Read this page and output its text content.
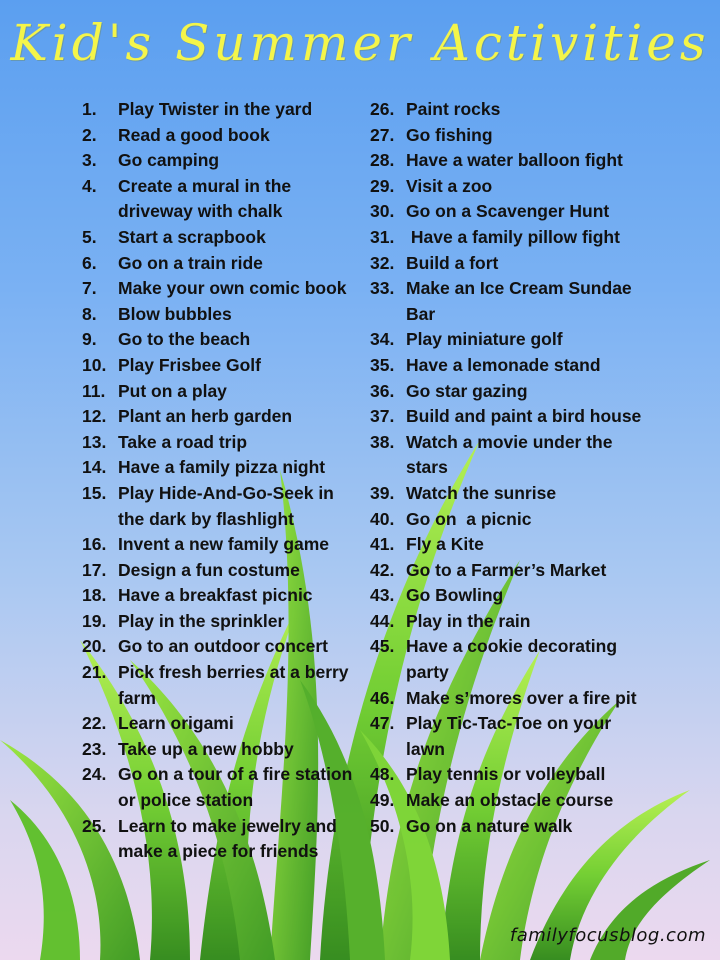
Kid's Summer Activities
1.	Play Twister in the yard
2.	Read a good book
3.	Go camping
4.	Create a mural in the driveway with chalk
5.	Start a scrapbook
6.	Go on a train ride
7.	Make your own comic book
8.	Blow bubbles
9.	Go to the beach
10. Play Frisbee Golf
11. Put on a play
12. Plant an herb garden
13. Take a road trip
14. Have a family pizza night
15. Play Hide-And-Go-Seek in the dark by flashlight
16. Invent a new family game
17. Design a fun costume
18. Have a breakfast picnic
19. Play in the sprinkler
20. Go to an outdoor concert
21. Pick fresh berries at a berry farm
22. Learn origami
23. Take up a new hobby
24. Go on a tour of a fire station or police station
25. Learn to make jewelry and make a piece for friends
26. Paint rocks
27. Go fishing
28. Have a water balloon fight
29. Visit a zoo
30. Go on a Scavenger Hunt
31. Have a family pillow fight
32. Build a fort
33. Make an Ice Cream Sundae Bar
34. Play miniature golf
35. Have a lemonade stand
36. Go star gazing
37. Build and paint a bird house
38. Watch a movie under the stars
39. Watch the sunrise
40. Go on  a picnic
41. Fly a Kite
42. Go to a Farmer’s Market
43. Go Bowling
44. Play in the rain
45. Have a cookie decorating party
46. Make s’mores over a fire pit
47. Play Tic-Tac-Toe on your lawn
48. Play tennis or volleyball
49. Make an obstacle course
50. Go on a nature walk

familyfocusblog.com
